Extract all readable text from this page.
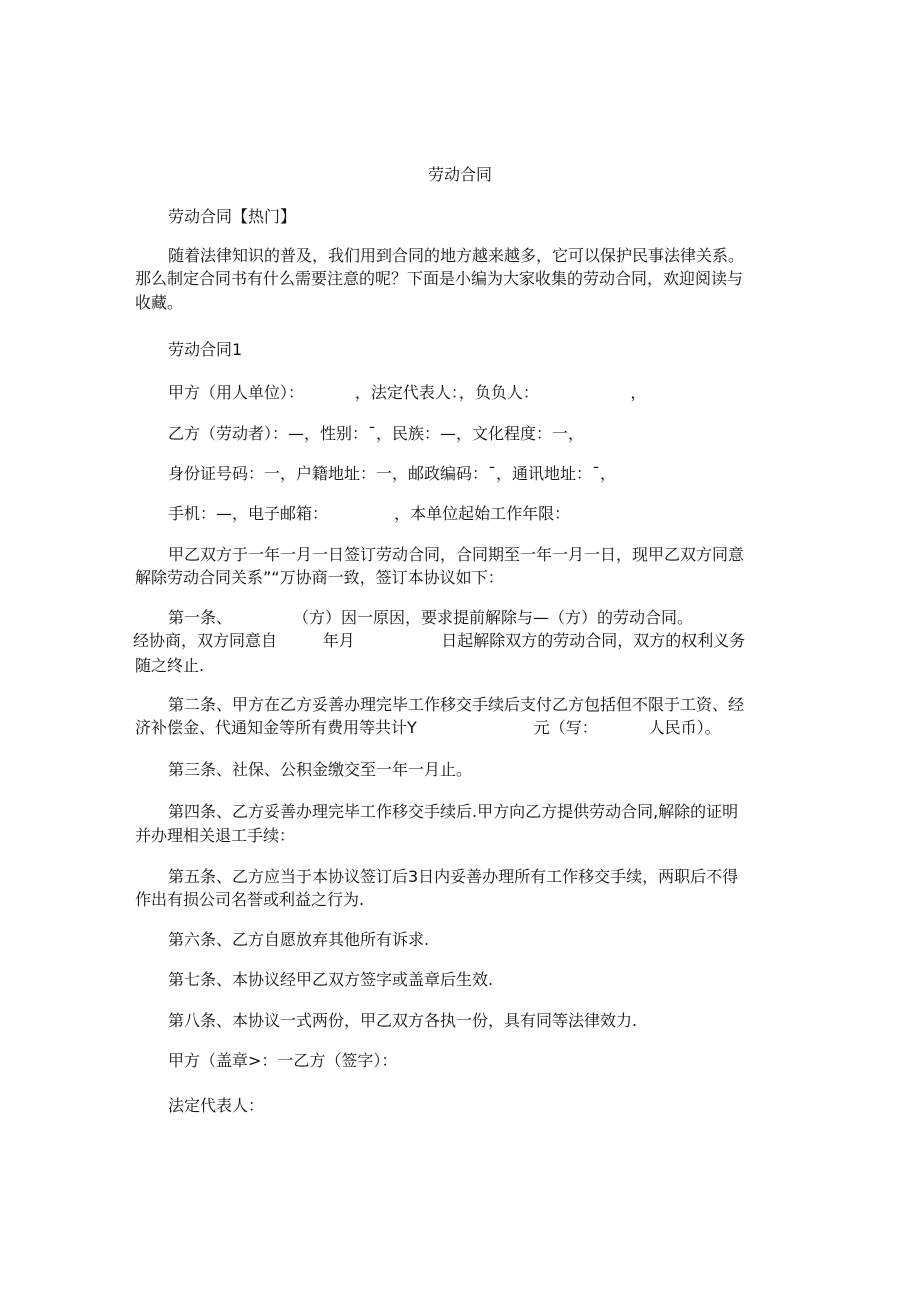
劳动合同
劳动合同【热门】
随着法律知识的普及，我们用到合同的地方越来越多，它可以保护民事法律关系。
那么制定合同书有什么需要注意的呢？下面是小编为大家收集的劳动合同，欢迎阅读与
收藏。
劳动合同1
甲方（用人单位）：          ，法定代表人：，负负人：                  ，
乙方（劳动者）：—，性别：¯，民族：—，文化程度：一，
身份证号码：一，户籍地址：一，邮政编码：¯，通讯地址：¯，
手机：—，电子邮箱：             ，本单位起始工作年限：
甲乙双方于一年一月一日签订劳动合同，合同期至一年一月一日，现甲乙双方同意
解除劳动合同关系”“万协商一致，签订本协议如下：
第一条、            （方）因一原因，要求提前解除与—（方）的劳动合同。
经协商，双方同意自         年月                 日起解除双方的劳动合同，双方的权利义务
随之终止.
第二条、甲方在乙方妥善办理完毕工作移交手续后支付乙方包括但不限于工资、经
济补偿金、代通知金等所有费用等共计Y                       元（写：          人民币）。
第三条、社保、公积金缴交至一年一月止。
第四条、乙方妥善办理完毕工作移交手续后.甲方向乙方提供劳动合同,解除的证明
并办理相关退工手续：
第五条、乙方应当于本协议签订后3日内妥善办理所有工作移交手续，两职后不得
作出有损公司名誉或利益之行为.
第六条、乙方自愿放弃其他所有诉求.
第七条、本协议经甲乙双方签字或盖章后生效.
第八条、本协议一式两份，甲乙双方各执一份，具有同等法律效力.
甲方（盖章>：一乙方（签字）：
法定代表人：
